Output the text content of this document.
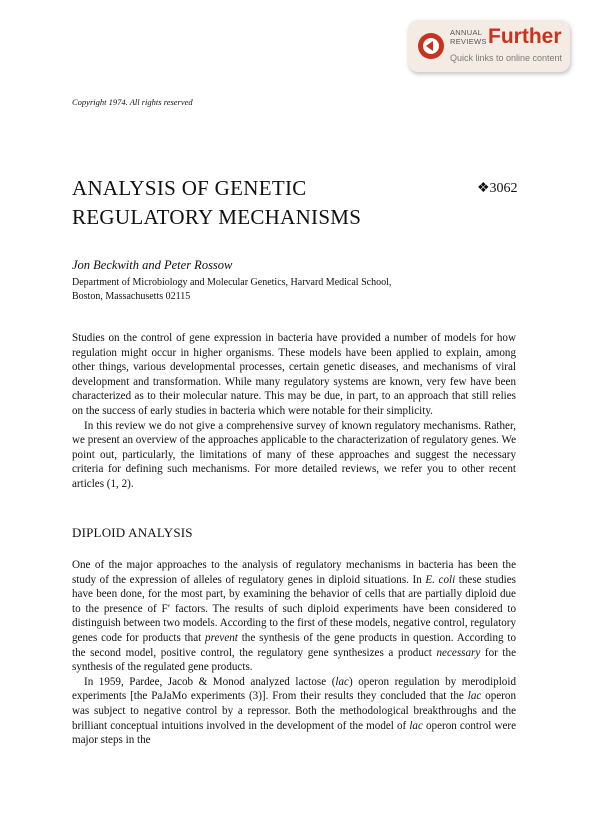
ANNUAL
REVIEWS Further
Quick links to online content
Copyright 1974. All rights reserved
ANALYSIS OF GENETIC
REGULATORY MECHANISMS
❖3062
Jon Beckwith and Peter Rossow
Department of Microbiology and Molecular Genetics, Harvard Medical School,
Boston, Massachusetts 02115

Studies on the control of gene expression in bacteria have provided a number of models for how regulation might occur in higher organisms. These models have been applied to explain, among other things, various developmental processes, certain genetic diseases, and mechanisms of viral development and transformation. While many regulatory systems are known, very few have been characterized as to their molecular nature. This may be due, in part, to an approach that still relies on the success of early studies in bacteria which were notable for their simplicity.

In this review we do not give a comprehensive survey of known regulatory mechanisms. Rather, we present an overview of the approaches applicable to the characterization of regulatory genes. We point out, particularly, the limitations of many of these approaches and suggest the necessary criteria for defining such mechanisms. For more detailed reviews, we refer you to other recent articles (1, 2).

DIPLOID ANALYSIS

One of the major approaches to the analysis of regulatory mechanisms in bacteria has been the study of the expression of alleles of regulatory genes in diploid situations. In E. coli these studies have been done, for the most part, by examining the behavior of cells that are partially diploid due to the presence of F′ factors. The results of such diploid experiments have been considered to distinguish between two models. According to the first of these models, negative control, regulatory genes code for products that prevent the synthesis of the gene products in question. According to the second model, positive control, the regulatory gene synthesizes a product necessary for the synthesis of the regulated gene products.

In 1959, Pardee, Jacob & Monod analyzed lactose (lac) operon regulation by merodiploid experiments [the PaJaMo experiments (3)]. From their results they concluded that the lac operon was subject to negative control by a repressor. Both the methodological breakthroughs and the brilliant conceptual intuitions involved in the development of the model of lac operon control were major steps in the
